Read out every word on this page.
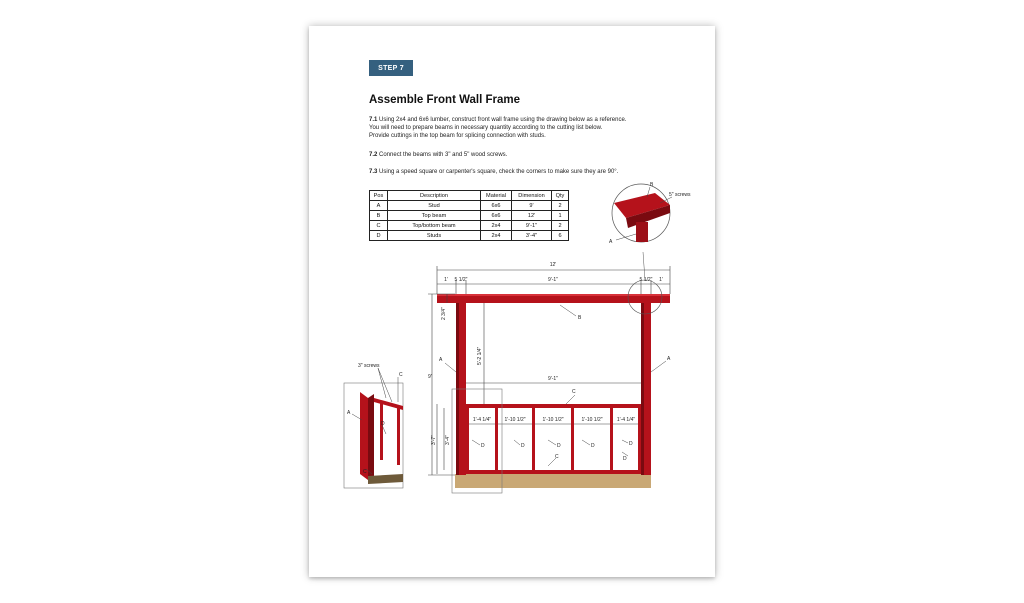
STEP 7
Assemble Front Wall Frame
7.1 Using 2x4 and 6x6 lumber, construct front wall frame using the drawing below as a reference.
You will need to prepare beams in necessary quantity according to the cutting list below.
Provide cuttings in the top beam for splicing connection with studs.
7.2 Connect the beams with 3" and 5" wood screws.
7.3 Using a speed square or carpenter's square, check the corners to make sure they are 90°.
Pos	Description	Material	Dimension	Qty
A	Stud	6x6	9'	2
B	Top beam	6x6	12'	1
C	Top/bottom beam	2x4	9'-1"	2
D	Studs	2x4	3'-4"	6
12'
1' 5 1/2"	9'-1"	5 1/2" 1'
9'
2 3/4"
5'-2 1/4"
9'-1"
3'-7" 3'-4"
1'-4 1/4"	1'-10 1/2"	1'-10 1/2"	1'-10 1/2"	1'-4 1/4"
B
A	A
C
D	D	D	D	D
D
C
B
5" screws
A
3" screws
C
A
D
C
